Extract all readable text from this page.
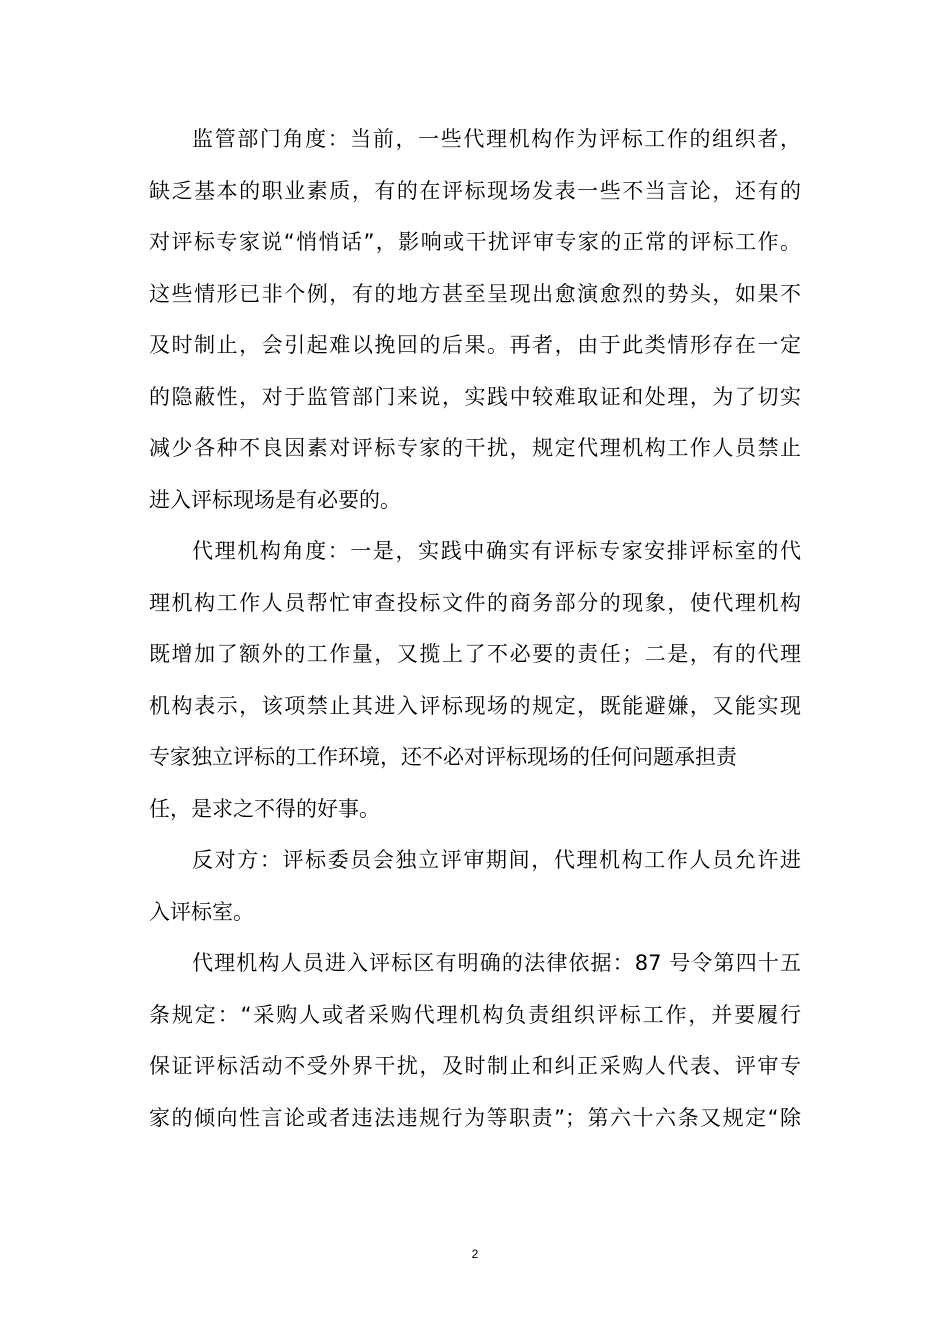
监管部门角度：当前，一些代理机构作为评标工作的组织者，
缺乏基本的职业素质，有的在评标现场发表一些不当言论，还有的
对评标专家说“悄悄话”，影响或干扰评审专家的正常的评标工作。
这些情形已非个例，有的地方甚至呈现出愈演愈烈的势头，如果不
及时制止，会引起难以挽回的后果。再者，由于此类情形存在一定
的隐蔽性，对于监管部门来说，实践中较难取证和处理，为了切实
减少各种不良因素对评标专家的干扰，规定代理机构工作人员禁止
进入评标现场是有必要的。
代理机构角度：一是，实践中确实有评标专家安排评标室的代
理机构工作人员帮忙审查投标文件的商务部分的现象，使代理机构
既增加了额外的工作量，又揽上了不必要的责任；二是，有的代理
机构表示，该项禁止其进入评标现场的规定，既能避嫌，又能实现
专家独立评标的工作环境，还不必对评标现场的任何问题承担责
任，是求之不得的好事。
反对方：评标委员会独立评审期间，代理机构工作人员允许进
入评标室。
代理机构人员进入评标区有明确的法律依据：87 号令第四十五
条规定：“采购人或者采购代理机构负责组织评标工作，并要履行
保证评标活动不受外界干扰，及时制止和纠正采购人代表、评审专
家的倾向性言论或者违法违规行为等职责”；第六十六条又规定“除
2
